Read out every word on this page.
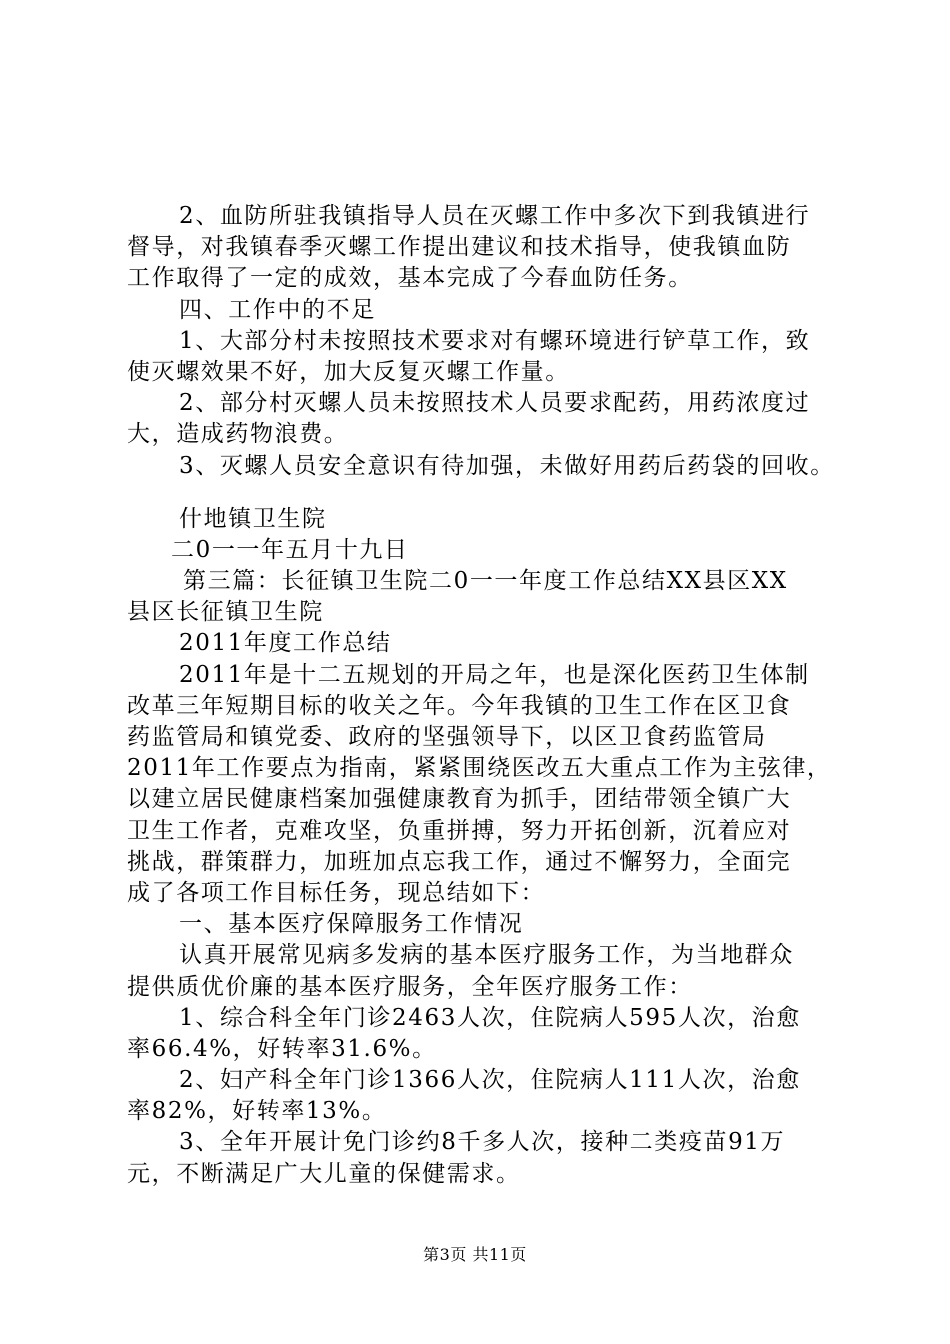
2、血防所驻我镇指导人员在灭螺工作中多次下到我镇进行
督导，对我镇春季灭螺工作提出建议和技术指导，使我镇血防
工作取得了一定的成效，基本完成了今春血防任务。
四、工作中的不足
1、大部分村未按照技术要求对有螺环境进行铲草工作，致
使灭螺效果不好，加大反复灭螺工作量。
2、部分村灭螺人员未按照技术人员要求配药，用药浓度过
大，造成药物浪费。
3、灭螺人员安全意识有待加强，未做好用药后药袋的回收。
什地镇卫生院
二0一一年五月十九日
第三篇：长征镇卫生院二0一一年度工作总结XX县区XX
县区长征镇卫生院
2011年度工作总结
2011年是十二五规划的开局之年，也是深化医药卫生体制
改革三年短期目标的收关之年。今年我镇的卫生工作在区卫食
药监管局和镇党委、政府的坚强领导下，以区卫食药监管局
2011年工作要点为指南，紧紧围绕医改五大重点工作为主弦律，
以建立居民健康档案加强健康教育为抓手，团结带领全镇广大
卫生工作者，克难攻坚，负重拼搏，努力开拓创新，沉着应对
挑战，群策群力，加班加点忘我工作，通过不懈努力，全面完
成了各项工作目标任务，现总结如下：
一、基本医疗保障服务工作情况
认真开展常见病多发病的基本医疗服务工作，为当地群众
提供质优价廉的基本医疗服务，全年医疗服务工作：
1、综合科全年门诊2463人次，住院病人595人次，治愈
率66.4%，好转率31.6%。
2、妇产科全年门诊1366人次，住院病人111人次，治愈
率82%，好转率13%。
3、全年开展计免门诊约8千多人次，接种二类疫苗91万
元，不断满足广大儿童的保健需求。
第3页 共11页
